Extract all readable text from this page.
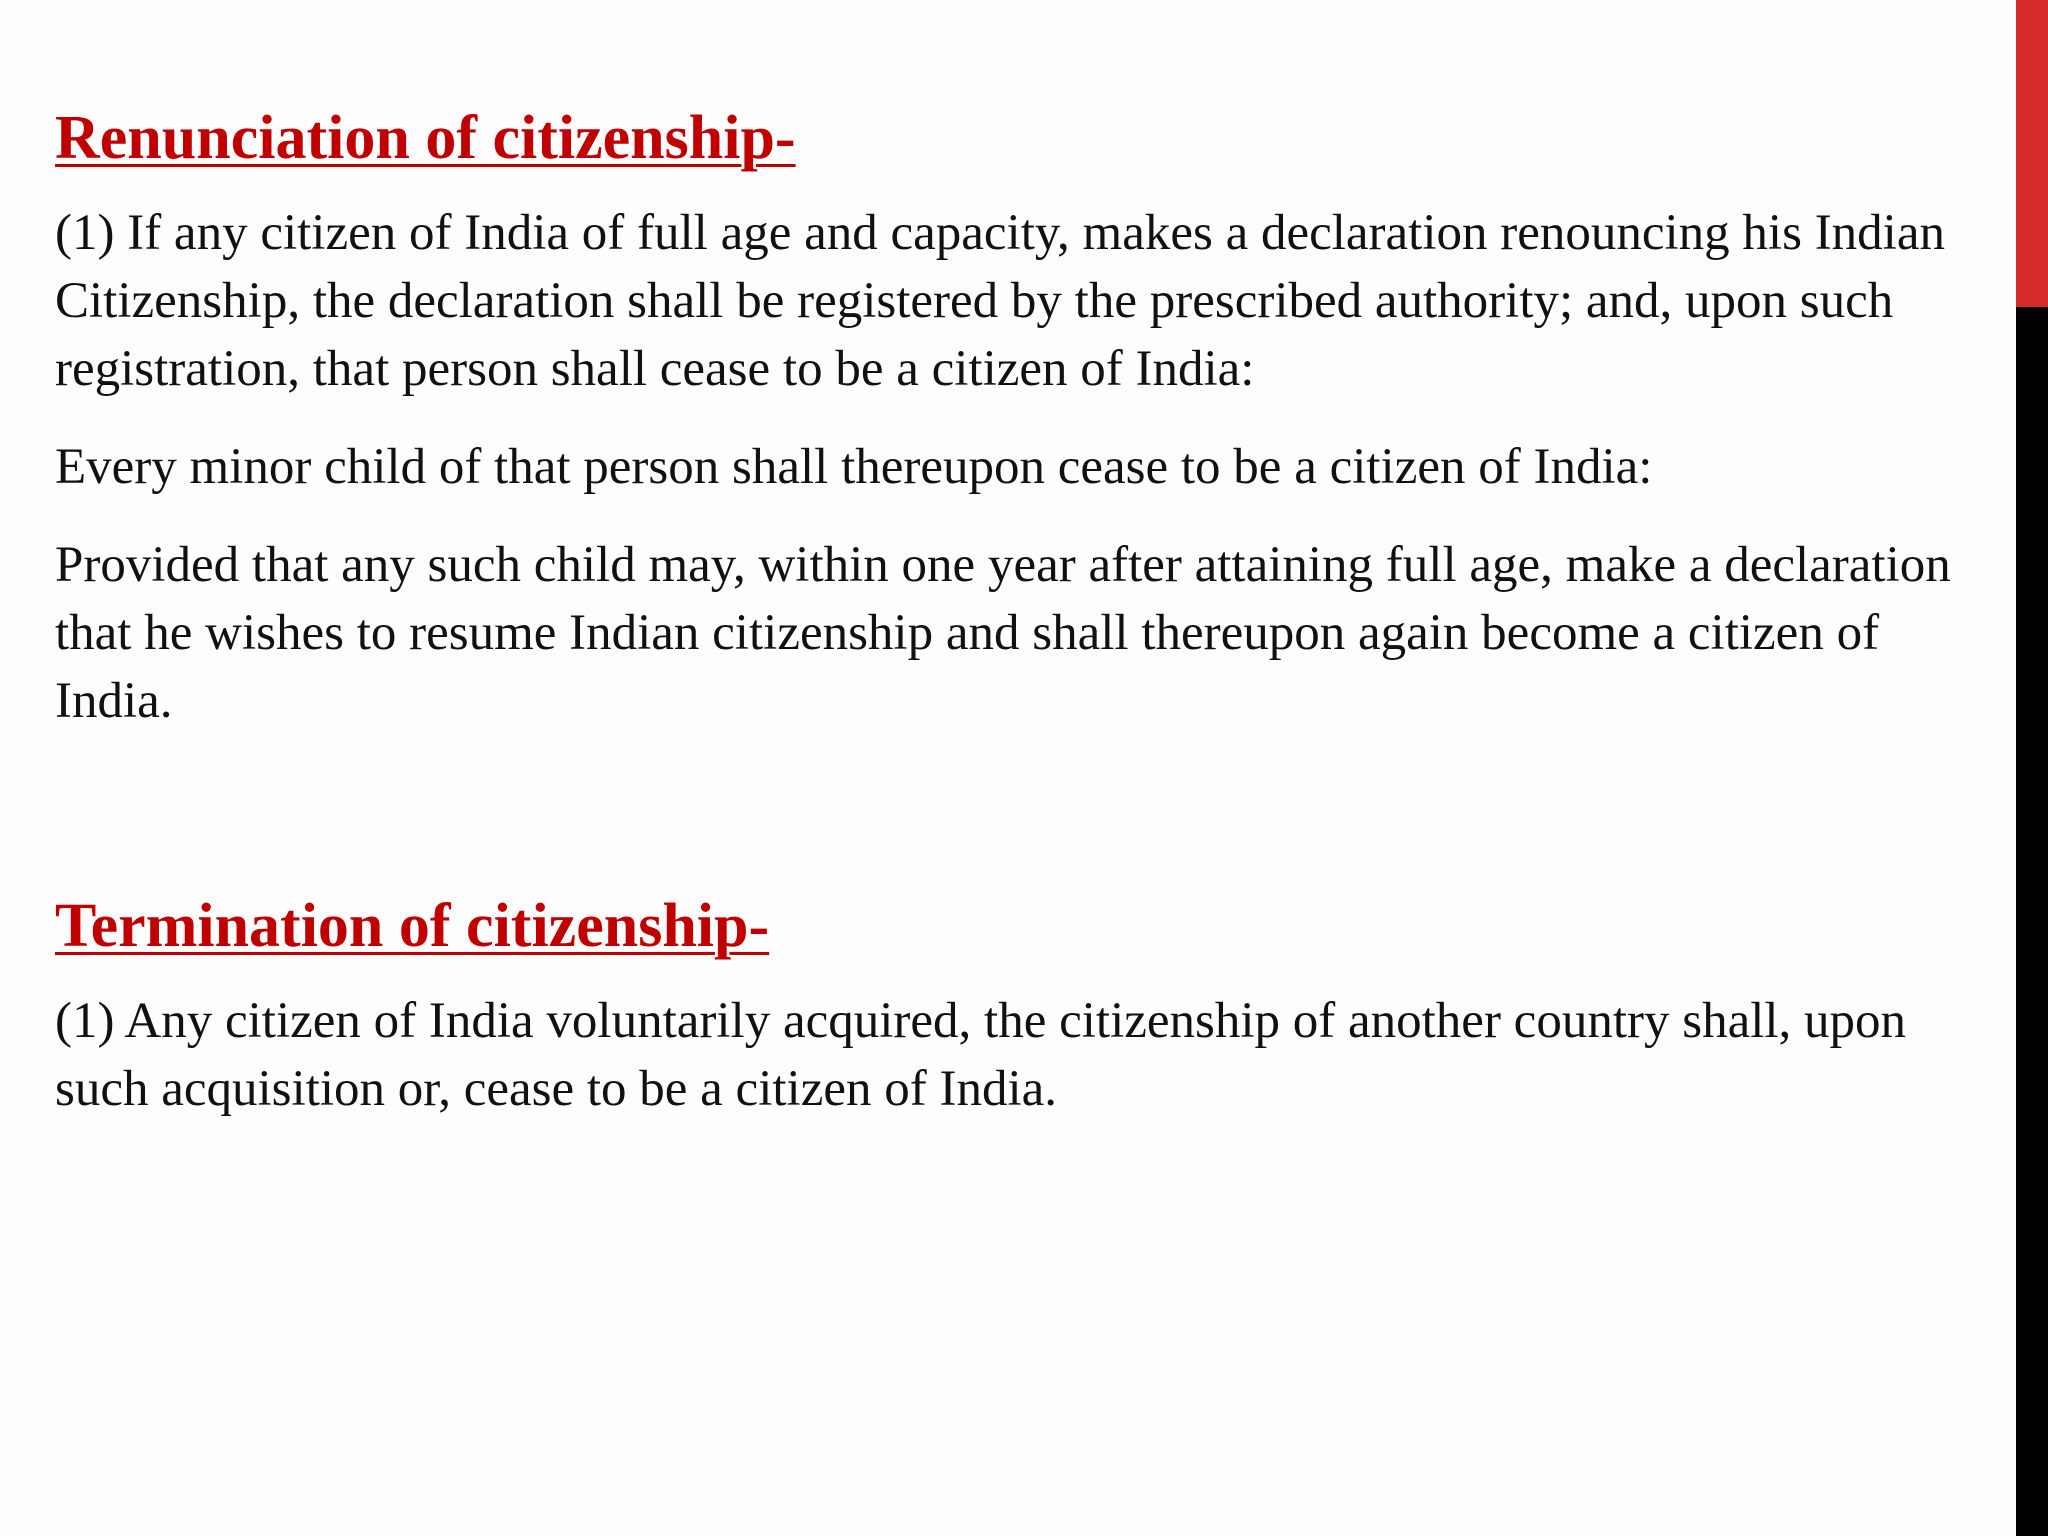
Renunciation of citizenship-

(1) If any citizen of India of full age and capacity, makes a declaration renouncing his Indian Citizenship, the declaration shall be registered by the prescribed authority; and, upon such registration, that person shall cease to be a citizen of India:

Every minor child of that person shall thereupon cease to be a citizen of India:

Provided that any such child may, within one year after attaining full age, make a declaration that he wishes to resume Indian citizenship and shall thereupon again become a citizen of India.

Termination of citizenship-

(1) Any citizen of India voluntarily acquired, the citizenship of another country shall, upon such acquisition or, cease to be a citizen of India.
